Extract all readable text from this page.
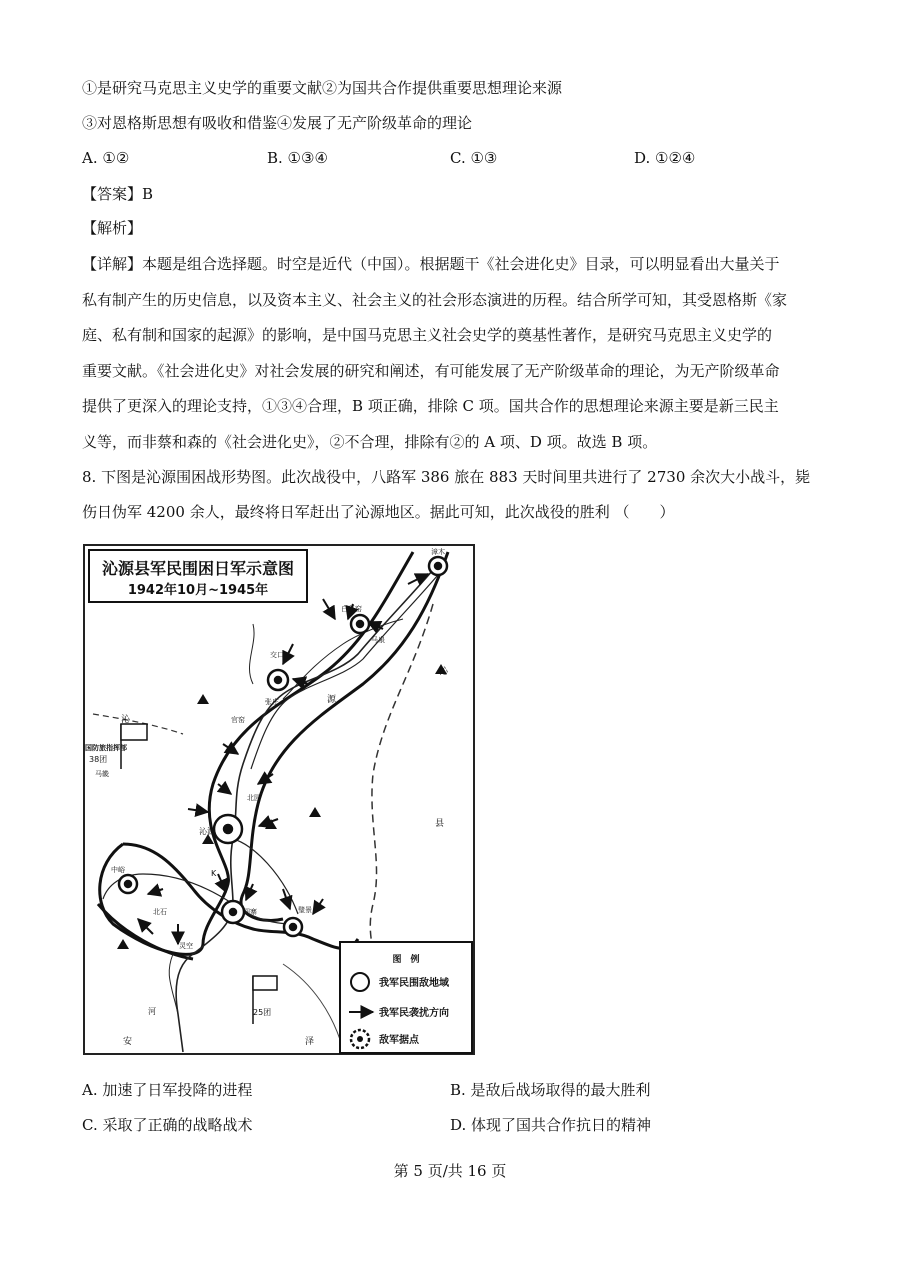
①是研究马克思主义史学的重要文献②为国共合作提供重要思想理论来源
③对恩格斯思想有吸收和借鉴④发展了无产阶级革命的理论
A. ①②	B. ①③④	C. ①③	D. ①②④
【答案】B
【解析】
【详解】本题是组合选择题。时空是近代（中国）。根据题干《社会进化史》目录，可以明显看出大量关于
私有制产生的历史信息，以及资本主义、社会主义的社会形态演进的历程。结合所学可知，其受恩格斯《家
庭、私有制和国家的起源》的影响，是中国马克思主义社会史学的奠基性著作，是研究马克思主义史学的
重要文献。《社会进化史》对社会发展的研究和阐述，有可能发展了无产阶级革命的理论，为无产阶级革命
提供了更深入的理论支持，①③④合理，B 项正确，排除 C 项。国共合作的思想理论来源主要是新三民主
义等，而非蔡和森的《社会进化史》，②不合理，排除有②的 A 项、D 项。故选 B 项。
8. 下图是沁源围困战形势图。此次战役中，八路军 386 旅在 883 天时间里共进行了 2730 余次大小战斗，毙
伤日伪军 4200 余人，最终将日军赶出了沁源地区。据此可知，此次战役的胜利 （　　）
沁源县军民围困日军示意图
1942年10月~1945年
漳木
白狐窑
交口
马泉
张庄
官窑
沁源
北园
中峪
北石
灵空
阎寨	璧景
K
马畿
国防旅指挥部
38团
25团
沁
沁
源
县
安	泽
河
图　例
我军民围敌地域
我军民袭扰方向
敌军据点
A. 加速了日军投降的进程	B. 是敌后战场取得的最大胜利
C. 采取了正确的战略战术	D. 体现了国共合作抗日的精神
第 5 页/共 16 页
